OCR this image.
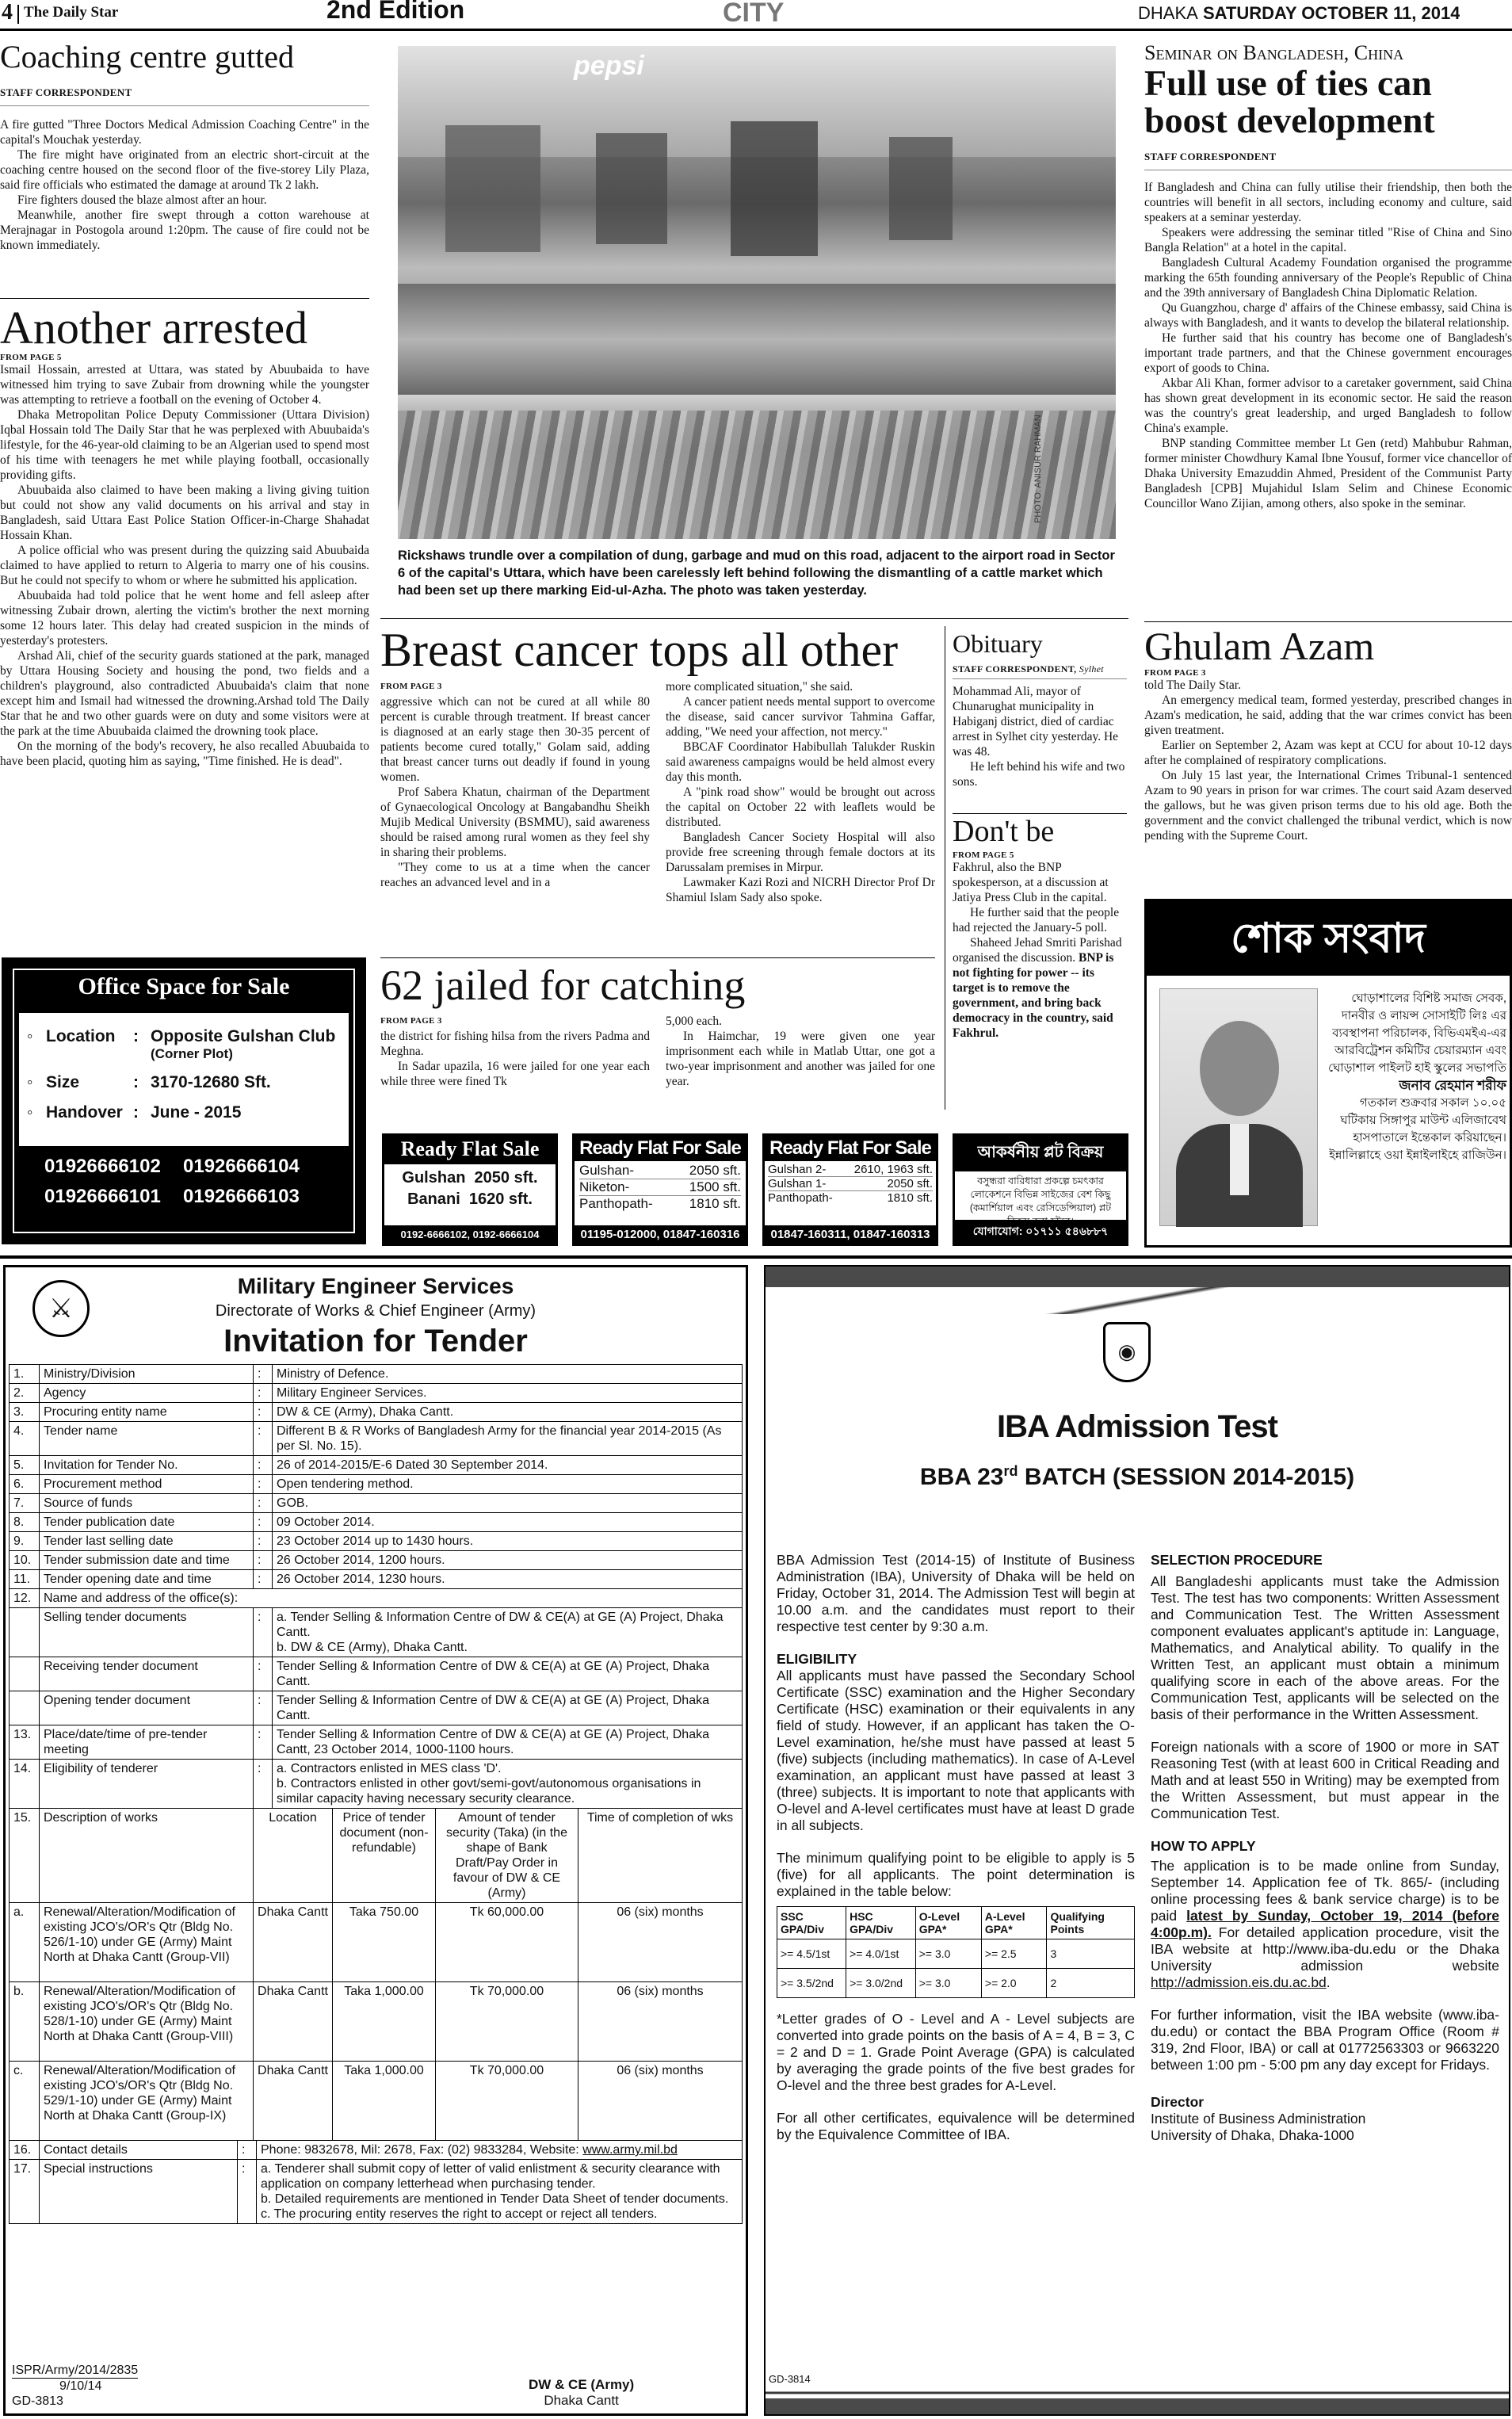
4 The Daily Star	2nd Edition	CITY	DHAKA SATURDAY OCTOBER 11, 2014
Coaching centre gutted
STAFF CORRESPONDENT

A fire gutted "Three Doctors Medical Admission Coaching Centre" in the capital's Mouchak yesterday.

The fire might have originated from an electric short-circuit at the coaching centre housed on the second floor of the five-storey Lily Plaza, said fire officials who estimated the damage at around Tk 2 lakh.

Fire fighters doused the blaze almost after an hour.

Meanwhile, another fire swept through a cotton warehouse at Merajnagar in Postogola around 1:20pm. The cause of fire could not be known immediately.

Another arrested
FROM PAGE 5

Ismail Hossain, arrested at Uttara, was stated by Abuubaida to have witnessed him trying to save Zubair from drowning while the youngster was attempting to retrieve a football on the evening of October 4.

Dhaka Metropolitan Police Deputy Commissioner (Uttara Division) Iqbal Hossain told The Daily Star that he was perplexed with Abuubaida's lifestyle, for the 46-year-old claiming to be an Algerian used to spend most of his time with teenagers he met while playing football, occasionally providing gifts.

Abuubaida also claimed to have been making a living giving tuition but could not show any valid documents on his arrival and stay in Bangladesh, said Uttara East Police Station Officer-in-Charge Shahadat Hossain Khan.

A police official who was present during the quizzing said Abuubaida claimed to have applied to return to Algeria to marry one of his cousins. But he could not specify to whom or where he submitted his application.

Abuubaida had told police that he went home and fell asleep after witnessing Zubair drown, alerting the victim's brother the next morning some 12 hours later. This delay had created suspicion in the minds of yesterday's protesters.

Arshad Ali, chief of the security guards stationed at the park, managed by Uttara Housing Society and housing the pond, two fields and a children's playground, also contradicted Abuubaida's claim that none except him and Ismail had witnessed the drowning.Arshad told The Daily Star that he and two other guards were on duty and some visitors were at the park at the time Abuubaida claimed the drowning took place.

On the morning of the body's recovery, he also recalled Abuubaida to have been placid, quoting him as saying, "Time finished. He is dead".

Office Space for Sale
◦ Location	: Opposite Gulshan Club
(Corner Plot)
◦ Size	: 3170-12680 Sft.
◦ Handover : June - 2015
01926666102	01926666104
01926666101	01926666103
pepsi
PHOTO: ANISUR RAHMAN
Rickshaws trundle over a compilation of dung, garbage and mud on this road, adjacent to the airport road in Sector 6 of the capital's Uttara, which have been carelessly left behind following the dismantling of a cattle market which had been set up there marking Eid-ul-Azha. The photo was taken yesterday.
Breast cancer tops all other
FROM PAGE 3

aggressive which can not be cured at all while 80 percent is curable through treatment. If breast cancer is diagnosed at an early stage then 30-35 percent of patients become cured totally," Golam said, adding that breast cancer turns out deadly if found in young women.

Prof Sabera Khatun, chairman of the Department of Gynaecological Oncology at Bangabandhu Sheikh Mujib Medical University (BSMMU), said awareness should be raised among rural women as they feel shy in sharing their problems.

"They come to us at a time when the cancer reaches an advanced level and in a

more complicated situation," she said.

A cancer patient needs mental support to overcome the disease, said cancer survivor Tahmina Gaffar, adding, "We need your affection, not mercy."

BBCAF Coordinator Habibullah Talukder Ruskin said awareness campaigns would be held almost every day this month.

A "pink road show" would be brought out across the capital on October 22 with leaflets would be distributed.

Bangladesh Cancer Society Hospital will also provide free screening through female doctors at its Darussalam premises in Mirpur.

Lawmaker Kazi Rozi and NICRH Director Prof Dr Shamiul Islam Sady also spoke.

62 jailed for catching
FROM PAGE 3

the district for fishing hilsa from the rivers Padma and Meghna.

In Sadar upazila, 16 were jailed for one year each while three were fined Tk

5,000 each.

In Haimchar, 19 were given one year imprisonment each while in Matlab Uttar, one got a two-year imprisonment and another was jailed for one year.

Obituary
STAFF CORRESPONDENT, Sylhet

Mohammad Ali, mayor of Chunarughat municipality in Habiganj district, died of cardiac arrest in Sylhet city yesterday. He was 48.

He left behind his wife and two sons.

Don't be
FROM PAGE 5

Fakhrul, also the BNP spokesperson, at a discussion at Jatiya Press Club in the capital.

He further said that the people had rejected the January-5 poll.

Shaheed Jehad Smriti Parishad organised the discussion. BNP is not fighting for power -- its target is to remove the government, and bring back democracy in the country, said Fakhrul.

Ready Flat Sale
Gulshan  2050 sft.
Banani  1620 sft.
0192-6666102, 0192-6666104
Ready Flat For Sale
Gulshan-	2050 sft.
Niketon-	1500 sft.
Panthopath-	1810 sft.
01195-012000, 01847-160316
Ready Flat For Sale
Gulshan 2- 2610, 1963 sft.
Gulshan 1-	2050 sft.
Panthopath-	1810 sft.
01847-160311, 01847-160313
আকর্ষনীয় প্লট বিক্রয়
বসুন্ধরা বারিধারা প্রকল্পে চমৎকার লোকেশনে বিভিন্ন সাইজের বেশ কিছু (কমার্শিয়াল এবং রেসিডেন্সিয়াল) প্লট
যোগাযোগ: ০১৭১১ ৫৪৬৮৮৭
Seminar on Bangladesh, China
Full use of ties can boost development
STAFF CORRESPONDENT

If Bangladesh and China can fully utilise their friendship, then both the countries will benefit in all sectors, including economy and culture, said speakers at a seminar yesterday.

Speakers were addressing the seminar titled "Rise of China and Sino Bangla Relation" at a hotel in the capital.

Bangladesh Cultural Academy Foundation organised the programme marking the 65th founding anniversary of the People's Republic of China and the 39th anniversary of Bangladesh China Diplomatic Relation.

Qu Guangzhou, charge d' affairs of the Chinese embassy, said China is always with Bangladesh, and it wants to develop the bilateral relationship.

He further said that his country has become one of Bangladesh's important trade partners, and that the Chinese government encourages export of goods to China.

Akbar Ali Khan, former advisor to a caretaker government, said China has shown great development in its economic sector. He said the reason was the country's great leadership, and urged Bangladesh to follow China's example.

BNP standing Committee member Lt Gen (retd) Mahbubur Rahman, former minister Chowdhury Kamal Ibne Yousuf, former vice chancellor of Dhaka University Emazuddin Ahmed, President of the Communist Party Bangladesh [CPB] Mujahidul Islam Selim and Chinese Economic Councillor Wano Zijian, among others, also spoke in the seminar.

Ghulam Azam
FROM PAGE 3

told The Daily Star.

An emergency medical team, formed yesterday, prescribed changes in Azam's medication, he said, adding that the war crimes convict has been given treatment.

Earlier on September 2, Azam was kept at CCU for about 10-12 days after he complained of respiratory complications.

On July 15 last year, the International Crimes Tribunal-1 sentenced Azam to 90 years in prison for war crimes. The court said Azam deserved the gallows, but he was given prison terms due to his old age. Both the government and the convict challenged the tribunal verdict, which is now pending with the Supreme Court.

শোক সংবাদ
ঘোড়াশালের বিশিষ্ট সমাজ সেবক, দানবীর ও লায়ন্স সোসাইটি লিঃ এর ব্যবস্থাপনা পরিচালক, বিভিএমইএ-এর আরবিট্রেশন কমিটির চেয়ারম্যান এবং ঘোড়াশাল পাইলট হাই স্কুলের সভাপতি
জনাব রেহমান শরীফ
গতকাল শুক্রবার সকাল ১০.০৫ ঘটিকায় সিঙ্গাপুর মাউন্ট এলিজাবেথ হাসপাতালে ইন্তেকাল করিয়াছেন। ইন্নালিল্লাহে ওয়া ইন্নাইলাইহে রাজিউন।
⚔
Military Engineer Services
Directorate of Works & Chief Engineer (Army)
Invitation for Tender
1.	Ministry/Division	:	Ministry of Defence.
2.	Agency	:	Military Engineer Services.
3.	Procuring entity name	:	DW & CE (Army), Dhaka Cantt.
4.	Tender name	:	Different B & R Works of Bangladesh Army for the financial year 2014-2015 (As per Sl. No. 15).
5.	Invitation for Tender No.	:	26 of 2014-2015/E-6 Dated 30 September 2014.
6.	Procurement method	:	Open tendering method.
7.	Source of funds	:	GOB.
8.	Tender publication date	:	09 October 2014.
9.	Tender last selling date	:	23 October 2014 up to 1430 hours.
10.	Tender submission date and time	:	26 October 2014, 1200 hours.
11.	Tender opening date and time	:	26 October 2014, 1230 hours.
12.	Name and address of the office(s):		
	Selling tender documents	:	a. Tender Selling & Information Centre of DW & CE(A) at GE (A) Project, Dhaka Cantt.
b. DW & CE (Army), Dhaka Cantt.

	Receiving tender document	:	Tender Selling & Information Centre of DW & CE(A) at GE (A) Project, Dhaka Cantt.
	Opening tender document	:	Tender Selling & Information Centre of DW & CE(A) at GE (A) Project, Dhaka Cantt.
13.	Place/date/time of pre-tender meeting	:	Tender Selling & Information Centre of DW & CE(A) at GE (A) Project, Dhaka Cantt, 23 October 2014, 1000-1100 hours.
14.	Eligibility of tenderer	:	a. Contractors enlisted in MES class 'D'.
b. Contractors enlisted in other govt/semi-govt/autonomous organisations in similar capacity having necessary security clearance.
15.	Description of works	Location	Price of tender document (non-refundable)	Amount of tender security (Taka) (in the shape of Bank Draft/Pay Order in favour of DW & CE (Army)	Time of completion of wks
a.	Renewal/Alteration/Modification of existing JCO's/OR's Qtr (Bldg No. 526/1-10) under GE (Army) Maint North at Dhaka Cantt (Group-VII)	Dhaka Cantt	Taka 750.00	Tk 60,000.00	06 (six) months
b.	Renewal/Alteration/Modification of existing JCO's/OR's Qtr (Bldg No. 528/1-10) under GE (Army) Maint North at Dhaka Cantt (Group-VIII)	Dhaka Cantt	Taka 1,000.00	Tk 70,000.00	06 (six) months
c.	Renewal/Alteration/Modification of existing JCO's/OR's Qtr (Bldg No. 529/1-10) under GE (Army) Maint North at Dhaka Cantt (Group-IX)	Dhaka Cantt	Taka 1,000.00	Tk 70,000.00	06 (six) months
16.	Contact details	:	Phone: 9832678, Mil: 2678, Fax: (02) 9833284, Website: www.army.mil.bd
17.	Special instructions	:	a. Tenderer shall submit copy of letter of valid enlistment & security clearance with application on company letterhead when purchasing tender.
b. Detailed requirements are mentioned in Tender Data Sheet of tender documents.
c. The procuring entity reserves the right to accept or reject all tenders.
ISPR/Army/2014/2835
9/10/14
GD-3813
DW & CE (Army)
Dhaka Cantt
◉
IBA Admission Test
BBA 23rd BATCH (SESSION 2014-2015)

BBA Admission Test (2014-15) of Institute of Business Administration (IBA), University of Dhaka will be held on Friday, October 31, 2014. The Admission Test will begin at 10.00 a.m. and the candidates must report to their respective test center by 9:30 a.m.

ELIGIBILITY

All applicants must have passed the Secondary School Certificate (SSC) examination and the Higher Secondary Certificate (HSC) examination or their equivalents in any field of study. However, if an applicant has taken the O-Level examination, he/she must have passed at least 5 (five) subjects (including mathematics). In case of A-Level examination, an applicant must have passed at least 3 (three) subjects. It is important to note that applicants with O-level and A-level certificates must have at least D grade in all subjects.

The minimum qualifying point to be eligible to apply is 5 (five) for all applicants. The point determination is explained in the table below:

SSC GPA/Div	HSC GPA/Div	O-Level GPA*	A-Level GPA*	Qualifying Points
>= 4.5/1st	>= 4.0/1st	>= 3.0	>= 2.5	3
>= 3.5/2nd	>= 3.0/2nd	>= 3.0	>= 2.0	2

*Letter grades of O - Level and A - Level subjects are converted into grade points on the basis of A = 4, B = 3, C = 2 and D = 1. Grade Point Average (GPA) is calculated by averaging the grade points of the five best grades for O-level and the three best grades for A-Level.

For all other certificates, equivalence will be determined by the Equivalence Committee of IBA.

SELECTION PROCEDURE

All Bangladeshi applicants must take the Admission Test. The test has two components: Written Assessment and Communication Test. The Written Assessment component evaluates applicant's aptitude in: Language, Mathematics, and Analytical ability. To qualify in the Written Test, an applicant must obtain a minimum qualifying score in each of the above areas. For the Communication Test, applicants will be selected on the basis of their performance in the Written Assessment.

Foreign nationals with a score of 1900 or more in SAT Reasoning Test (with at least 600 in Critical Reading and Math and at least 550 in Writing) may be exempted from the Written Assessment, but must appear in the Communication Test.

HOW TO APPLY

The application is to be made online from Sunday, September 14. Application fee of Tk. 865/- (including online processing fees & bank service charge) is to be paid latest by Sunday, October 19, 2014 (before 4:00p.m). For detailed application procedure, visit the IBA website at http://www.iba-du.edu or the Dhaka University admission website http://admission.eis.du.ac.bd.

For further information, visit the IBA website (www.iba-du.edu) or contact the BBA Program Office (Room # 319, 2nd Floor, IBA) or call at 01772563303 or 9663220 between 1:00 pm - 5:00 pm any day except for Fridays.

Director
Institute of Business Administration
University of Dhaka, Dhaka-1000
GD-3814
